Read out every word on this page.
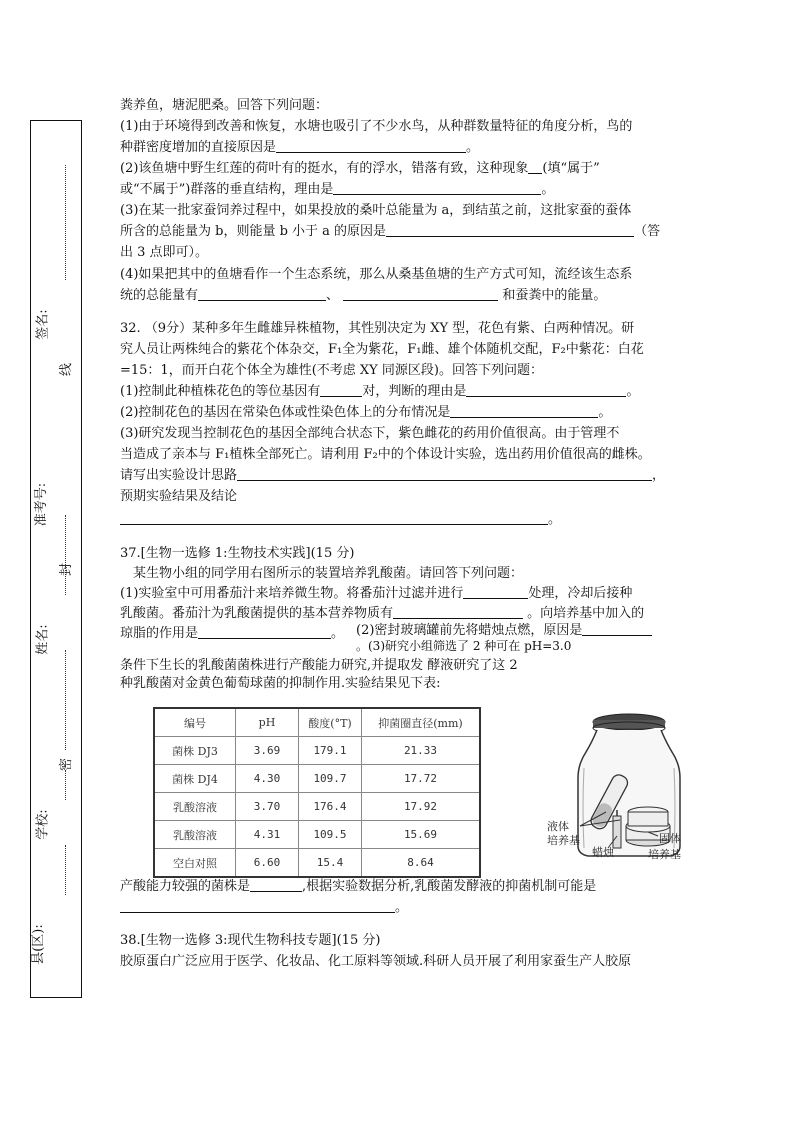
签名:
线
准考号:
封
姓名:
密
学校:
县(区):
粪养鱼，塘泥肥桑。回答下列问题：
(1)由于环境得到改善和恢复，水塘也吸引了不少水鸟，从种群数量特征的角度分析，鸟的
种群密度增加的直接原因是	。
(2)该鱼塘中野生红莲的荷叶有的挺水，有的浮水，错落有致，这种现象 (填“属于”
或“不属于”)群落的垂直结构，理由是	。
(3)在某一批家蚕饲养过程中，如果投放的桑叶总能量为 a，到结茧之前，这批家蚕的蚕体
所含的总能量为 b，则能量 b 小于 a 的原因是	（答
出 3 点即可）。
(4)如果把其中的鱼塘看作一个生态系统，那么从桑基鱼塘的生产方式可知，流经该生态系
统的总能量有	、	和蚕粪中的能量。
32. （9分）某种多年生雌雄异株植物，其性别决定为 XY 型，花色有紫、白两种情况。研
究人员让两株纯合的紫花个体杂交，F₁全为紫花，F₁雌、雄个体随机交配，F₂中紫花：白花
=15：1，而开白花个体全为雄性(不考虑 XY 同源区段)。回答下列问题：
(1)控制此种植株花色的等位基因有	对，判断的理由是	。
(2)控制花色的基因在常染色体或性染色体上的分布情况是	。
(3)研究发现当控制花色的基因全部纯合状态下，紫色雌花的药用价值很高。由于管理不
当造成了亲本与 F₁植株全部死亡。请利用 F₂中的个体设计实验，选出药用价值很高的雌株。
请写出实验设计思路	，
预期实验结果及结论
。
37.[生物一选修 1:生物技术实践](15 分)
某生物小组的同学用右图所示的装置培养乳酸菌。请回答下列问题：
(1)实验室中可用番茄汁来培养微生物。将番茄汁过滤并进行	处理，冷却后接种
乳酸菌。番茄汁为乳酸菌提供的基本营养物质有	。向培养基中加入的
琼脂的作用是	。 (2)密封玻璃罐前先将蜡烛点燃，原因是
。(3)研究小组筛选了 2 种可在 pH=3.0
条件下生长的乳酸菌菌株进行产酸能力研究,并提取发 酵液研究了这 2
种乳酸菌对金黄色葡萄球菌的抑制作用.实验结果见下表:
编号	pH	酸度(°T)	抑菌圈直径(mm)
菌株 DJ3	3.69	179.1	21.33
菌株 DJ4	4.30	109.7	17.72
乳酸溶液	3.70	176.4	17.92
乳酸溶液	4.31	109.5	15.69
空白对照	6.60	15.4	8.64
液体
培养基
蜡烛
固体
培养基
产酸能力较强的菌株是	,根据实验数据分析,乳酸菌发酵液的抑菌机制可能是
。
38.[生物一选修 3:现代生物科技专题](15 分)
胶原蛋白广泛应用于医学、化妆品、化工原料等领域.科研人员开展了利用家蚕生产人胶原
